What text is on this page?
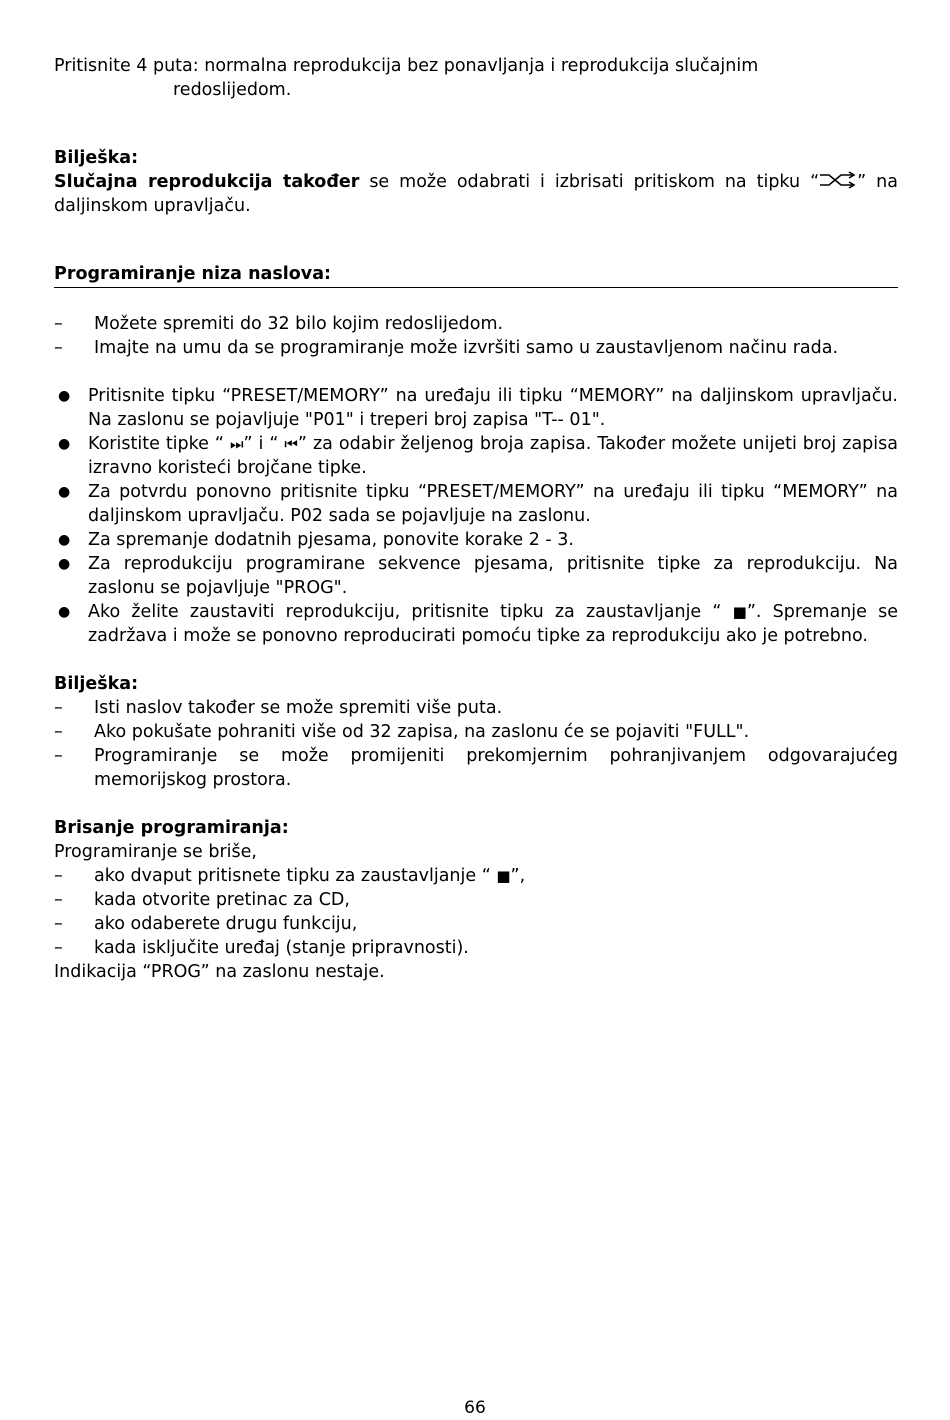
Pritisnite 4 puta: normalna reprodukcija bez ponavljanja i reprodukcija slučajnim

redoslijedom.

Bilješka:

Slučajna reprodukcija također se može odabrati i izbrisati pritiskom na tipku “ ” na daljinskom upravljaču.

Programiranje niza naslova:

– Možete spremiti do 32 bilo kojim redoslijedom.
– Imajte na umu da se programiranje može izvršiti samo u zaustavljenom načinu rada.
● Pritisnite tipku “PRESET/MEMORY” na uređaju ili tipku “MEMORY” na daljinskom upravljaču. Na zaslonu se pojavljuje "P01" i treperi broj zapisa "T-- 01".
● Koristite tipke “ ⏭” i “ ⏮” za odabir željenog broja zapisa. Također možete unijeti broj zapisa izravno koristeći brojčane tipke.
● Za potvrdu ponovno pritisnite tipku “PRESET/MEMORY” na uređaju ili tipku “MEMORY” na daljinskom upravljaču. P02 sada se pojavljuje na zaslonu.
● Za spremanje dodatnih pjesama, ponovite korake 2 - 3.
● Za reprodukciju programirane sekvence pjesama, pritisnite tipke za reprodukciju. Na zaslonu se pojavljuje "PROG".
● Ako želite zaustaviti reprodukciju, pritisnite tipku za zaustavljanje “ ■”. Spremanje se zadržava i može se ponovno reproducirati pomoću tipke za reprodukciju ako je potrebno.

Bilješka:

– Isti naslov također se može spremiti više puta.
– Ako pokušate pohraniti više od 32 zapisa, na zaslonu će se pojaviti "FULL".
– Programiranje se može promijeniti prekomjernim pohranjivanjem odgovarajućeg memorijskog prostora.

Brisanje programiranja:

Programiranje se briše,

– ako dvaput pritisnete tipku za zaustavljanje “ ■”,
– kada otvorite pretinac za CD,
– ako odaberete drugu funkciju,
– kada isključite uređaj (stanje pripravnosti).

Indikacija “PROG” na zaslonu nestaje.

66
